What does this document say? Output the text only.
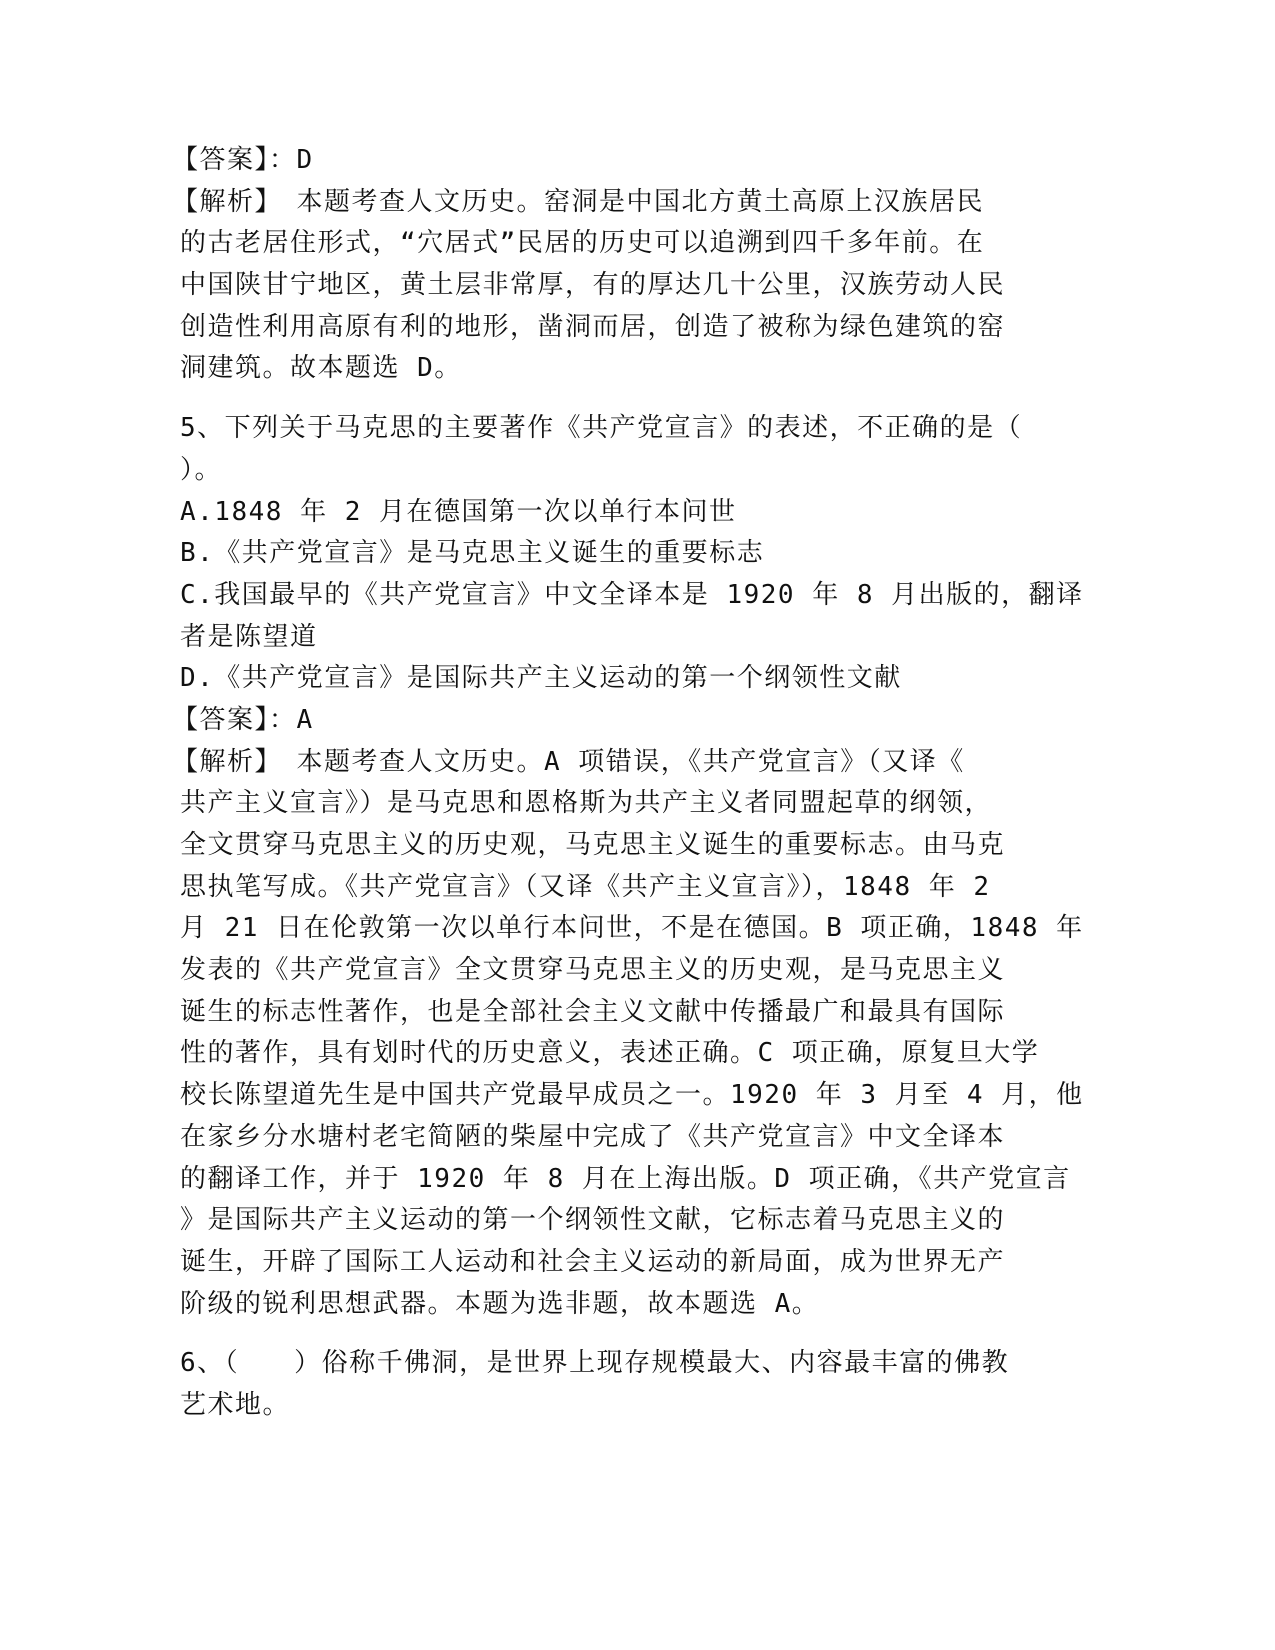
【答案】：D
【解析】　本题考查人文历史。窑洞是中国北方黄土高原上汉族居民
的古老居住形式，“穴居式”民居的历史可以追溯到四千多年前。在
中国陕甘宁地区，黄土层非常厚，有的厚达几十公里，汉族劳动人民
创造性利用高原有利的地形，凿洞而居，创造了被称为绿色建筑的窑
洞建筑。故本题选 D。
5、下列关于马克思的主要著作《共产党宣言》的表述，不正确的是（
）。
A.1848 年 2 月在德国第一次以单行本问世
B.《共产党宣言》是马克思主义诞生的重要标志
C.我国最早的《共产党宣言》中文全译本是 1920 年 8 月出版的，翻译
者是陈望道
D.《共产党宣言》是国际共产主义运动的第一个纲领性文献
【答案】：A
【解析】　本题考查人文历史。A 项错误，《共产党宣言》（又译《
共产主义宣言》）是马克思和恩格斯为共产主义者同盟起草的纲领，
全文贯穿马克思主义的历史观，马克思主义诞生的重要标志。由马克
思执笔写成。《共产党宣言》（又译《共产主义宣言》），1848 年 2
月 21 日在伦敦第一次以单行本问世，不是在德国。B 项正确，1848 年
发表的《共产党宣言》全文贯穿马克思主义的历史观，是马克思主义
诞生的标志性著作，也是全部社会主义文献中传播最广和最具有国际
性的著作，具有划时代的历史意义，表述正确。C 项正确，原复旦大学
校长陈望道先生是中国共产党最早成员之一。1920 年 3 月至 4 月，他
在家乡分水塘村老宅简陋的柴屋中完成了《共产党宣言》中文全译本
的翻译工作，并于 1920 年 8 月在上海出版。D 项正确，《共产党宣言
》是国际共产主义运动的第一个纲领性文献，它标志着马克思主义的
诞生，开辟了国际工人运动和社会主义运动的新局面，成为世界无产
阶级的锐利思想武器。本题为选非题，故本题选 A。
6、（　　）俗称千佛洞，是世界上现存规模最大、内容最丰富的佛教
艺术地。
